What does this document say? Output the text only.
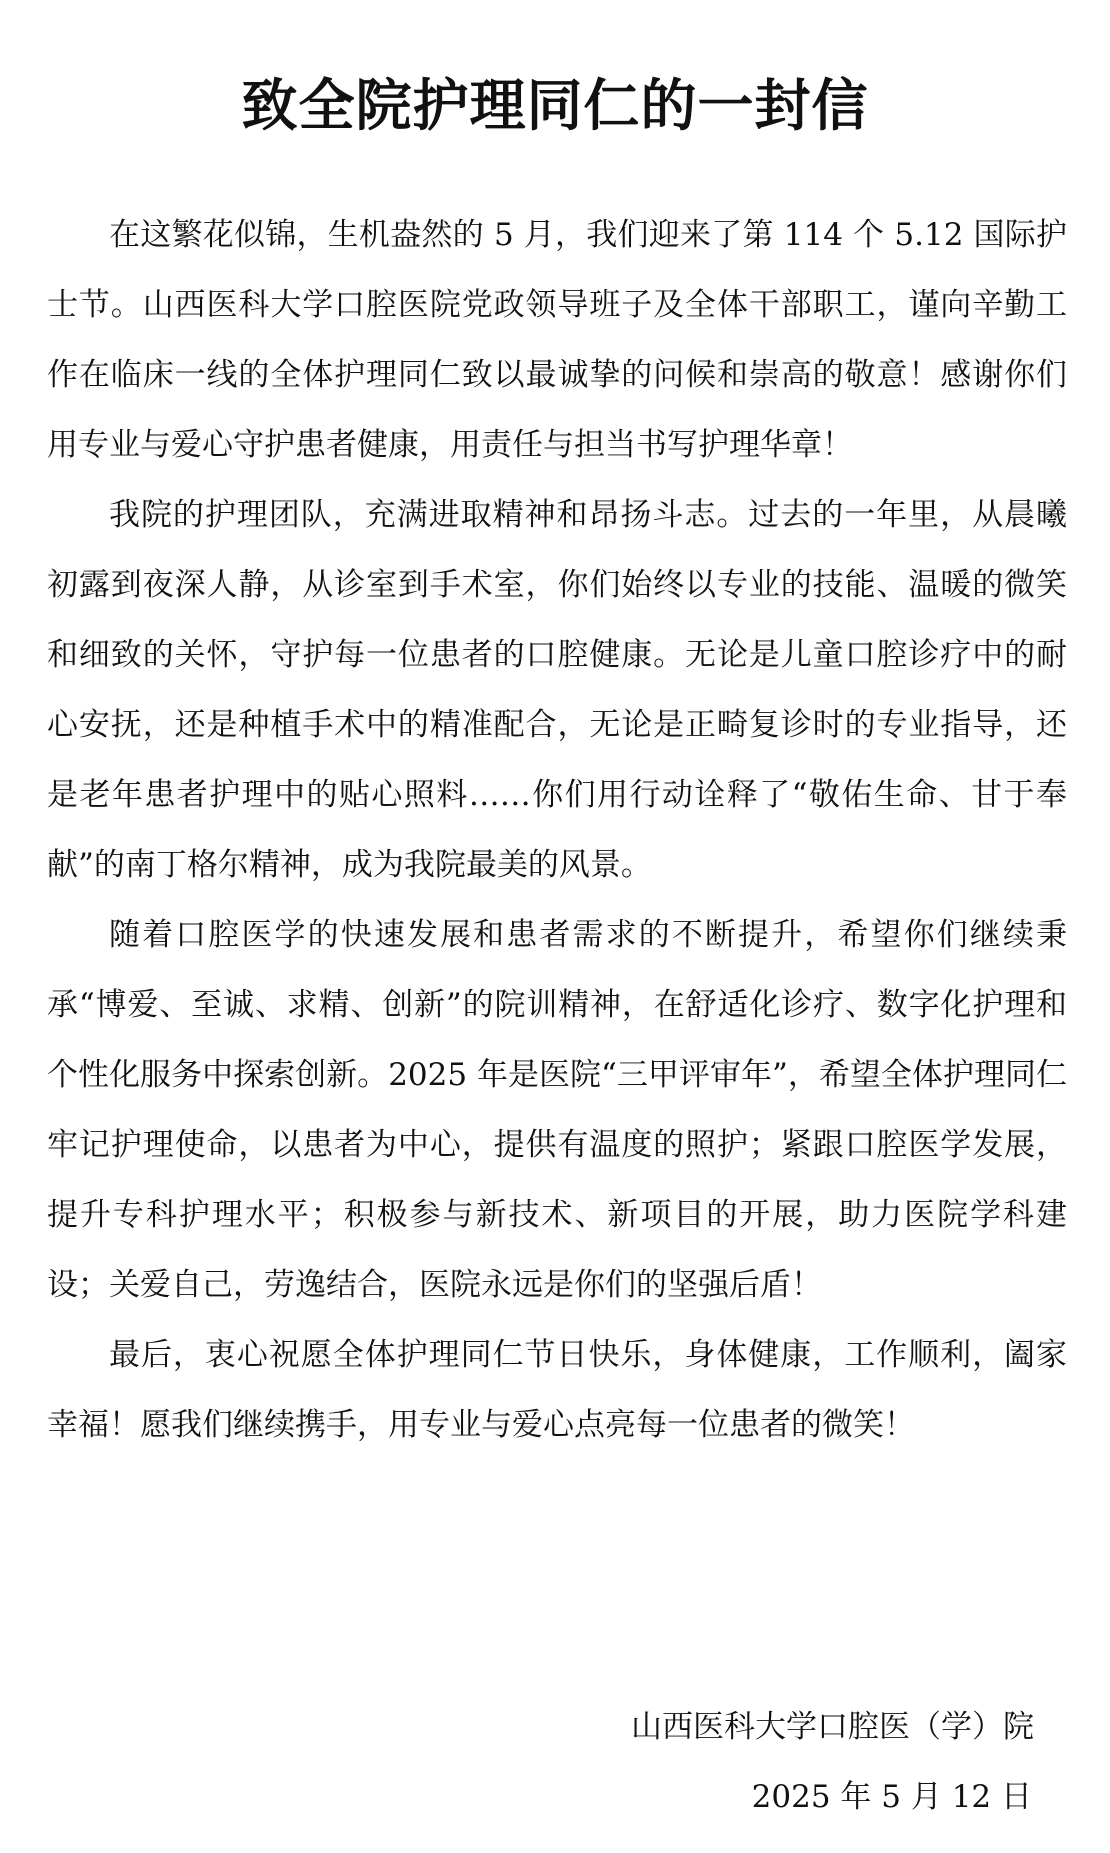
致全院护理同仁的一封信

在这繁花似锦，生机盎然的 5 月，我们迎来了第 114 个 5.12 国际护士节。山西医科大学口腔医院党政领导班子及全体干部职工，谨向辛勤工作在临床一线的全体护理同仁致以最诚挚的问候和崇高的敬意！感谢你们用专业与爱心守护患者健康，用责任与担当书写护理华章！

我院的护理团队，充满进取精神和昂扬斗志。过去的一年里，从晨曦初露到夜深人静，从诊室到手术室，你们始终以专业的技能、温暖的微笑和细致的关怀，守护每一位患者的口腔健康。无论是儿童口腔诊疗中的耐心安抚，还是种植手术中的精准配合，无论是正畸复诊时的专业指导，还是老年患者护理中的贴心照料……你们用行动诠释了“敬佑生命、甘于奉献”的南丁格尔精神，成为我院最美的风景。

随着口腔医学的快速发展和患者需求的不断提升，希望你们继续秉承“博爱、至诚、求精、创新”的院训精神，在舒适化诊疗、数字化护理和个性化服务中探索创新。2025 年是医院“三甲评审年”，希望全体护理同仁牢记护理使命，以患者为中心，提供有温度的照护；紧跟口腔医学发展，提升专科护理水平；积极参与新技术、新项目的开展，助力医院学科建设；关爱自己，劳逸结合，医院永远是你们的坚强后盾！

最后，衷心祝愿全体护理同仁节日快乐，身体健康，工作顺利，阖家幸福！愿我们继续携手，用专业与爱心点亮每一位患者的微笑！

山西医科大学口腔医（学）院
2025 年 5 月 12 日
